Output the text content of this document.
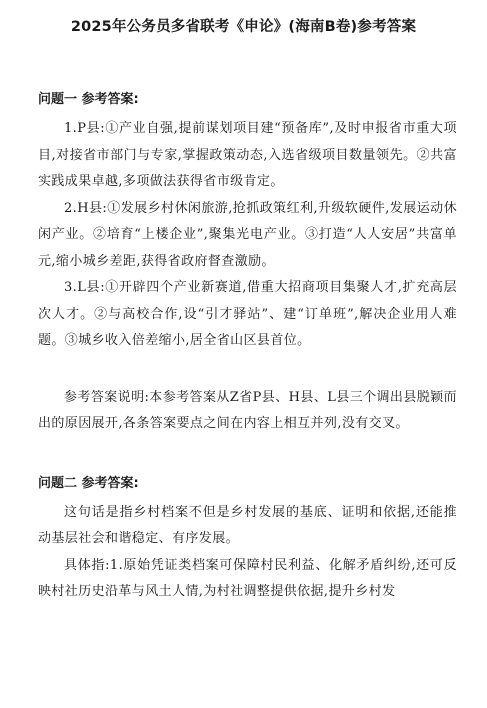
2025年公务员多省联考《申论》(海南B卷)参考答案
问题一 参考答案:

1.P县:①产业自强,提前谋划项目建“预备库”,及时申报省市重大项目,对接省市部门与专家,掌握政策动态,入选省级项目数量领先。②共富实践成果卓越,多项做法获得省市级肯定。

2.H县:①发展乡村休闲旅游,抢抓政策红利,升级软硬件,发展运动休闲产业。②培育“上楼企业”,聚集光电产业。③打造“人人安居”共富单元,缩小城乡差距,获得省政府督查激励。

3.L县:①开辟四个产业新赛道,借重大招商项目集聚人才,扩充高层次人才。②与高校合作,设“引才驿站”、建“订单班”,解决企业用人难题。③城乡收入倍差缩小,居全省山区县首位。

参考答案说明:本参考答案从Z省P县、H县、L县三个调出县脱颖而出的原因展开,各条答案要点之间在内容上相互并列,没有交叉。

问题二 参考答案:

这句话是指乡村档案不但是乡村发展的基底、证明和依据,还能推动基层社会和谐稳定、有序发展。

具体指:1.原始凭证类档案可保障村民利益、化解矛盾纠纷,还可反映村社历史沿革与风土人情,为村社调整提供依据,提升乡村发
